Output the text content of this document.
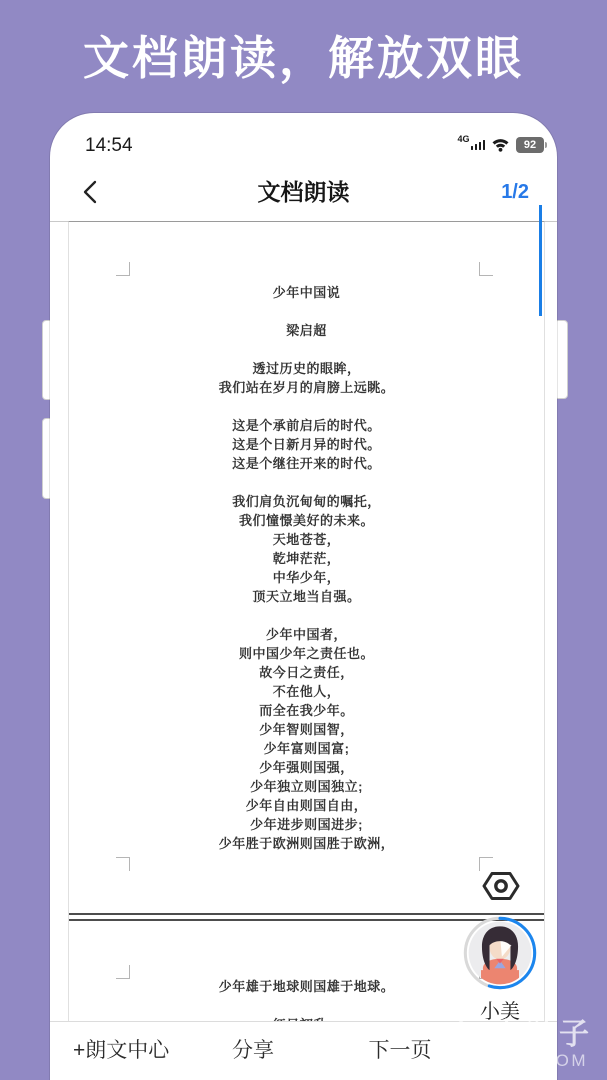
文档朗读，解放双眼
14:54	4G	92
文档朗读	1/2
少年中国说

梁启超

透过历史的眼眸，
我们站在岁月的肩膀上远眺。

这是个承前启后的时代。
这是个日新月异的时代。
这是个继往开来的时代。

我们肩负沉甸甸的嘱托，
我们憧憬美好的未来。
天地苍苍，
乾坤茫茫，
中华少年，
顶天立地当自强。

少年中国者，
则中国少年之责任也。
故今日之责任，
不在他人，
而全在我少年。
少年智则国智，
少年富则国富;
少年强则国强，
少年独立则国独立;
少年自由则国自由，
少年进步则国进步;
少年胜于欧洲则国胜于欧洲，
少年雄于地球则国雄于地球。

小美
+朗文中心	分享	下一页 七叶子
7YZ.COM
